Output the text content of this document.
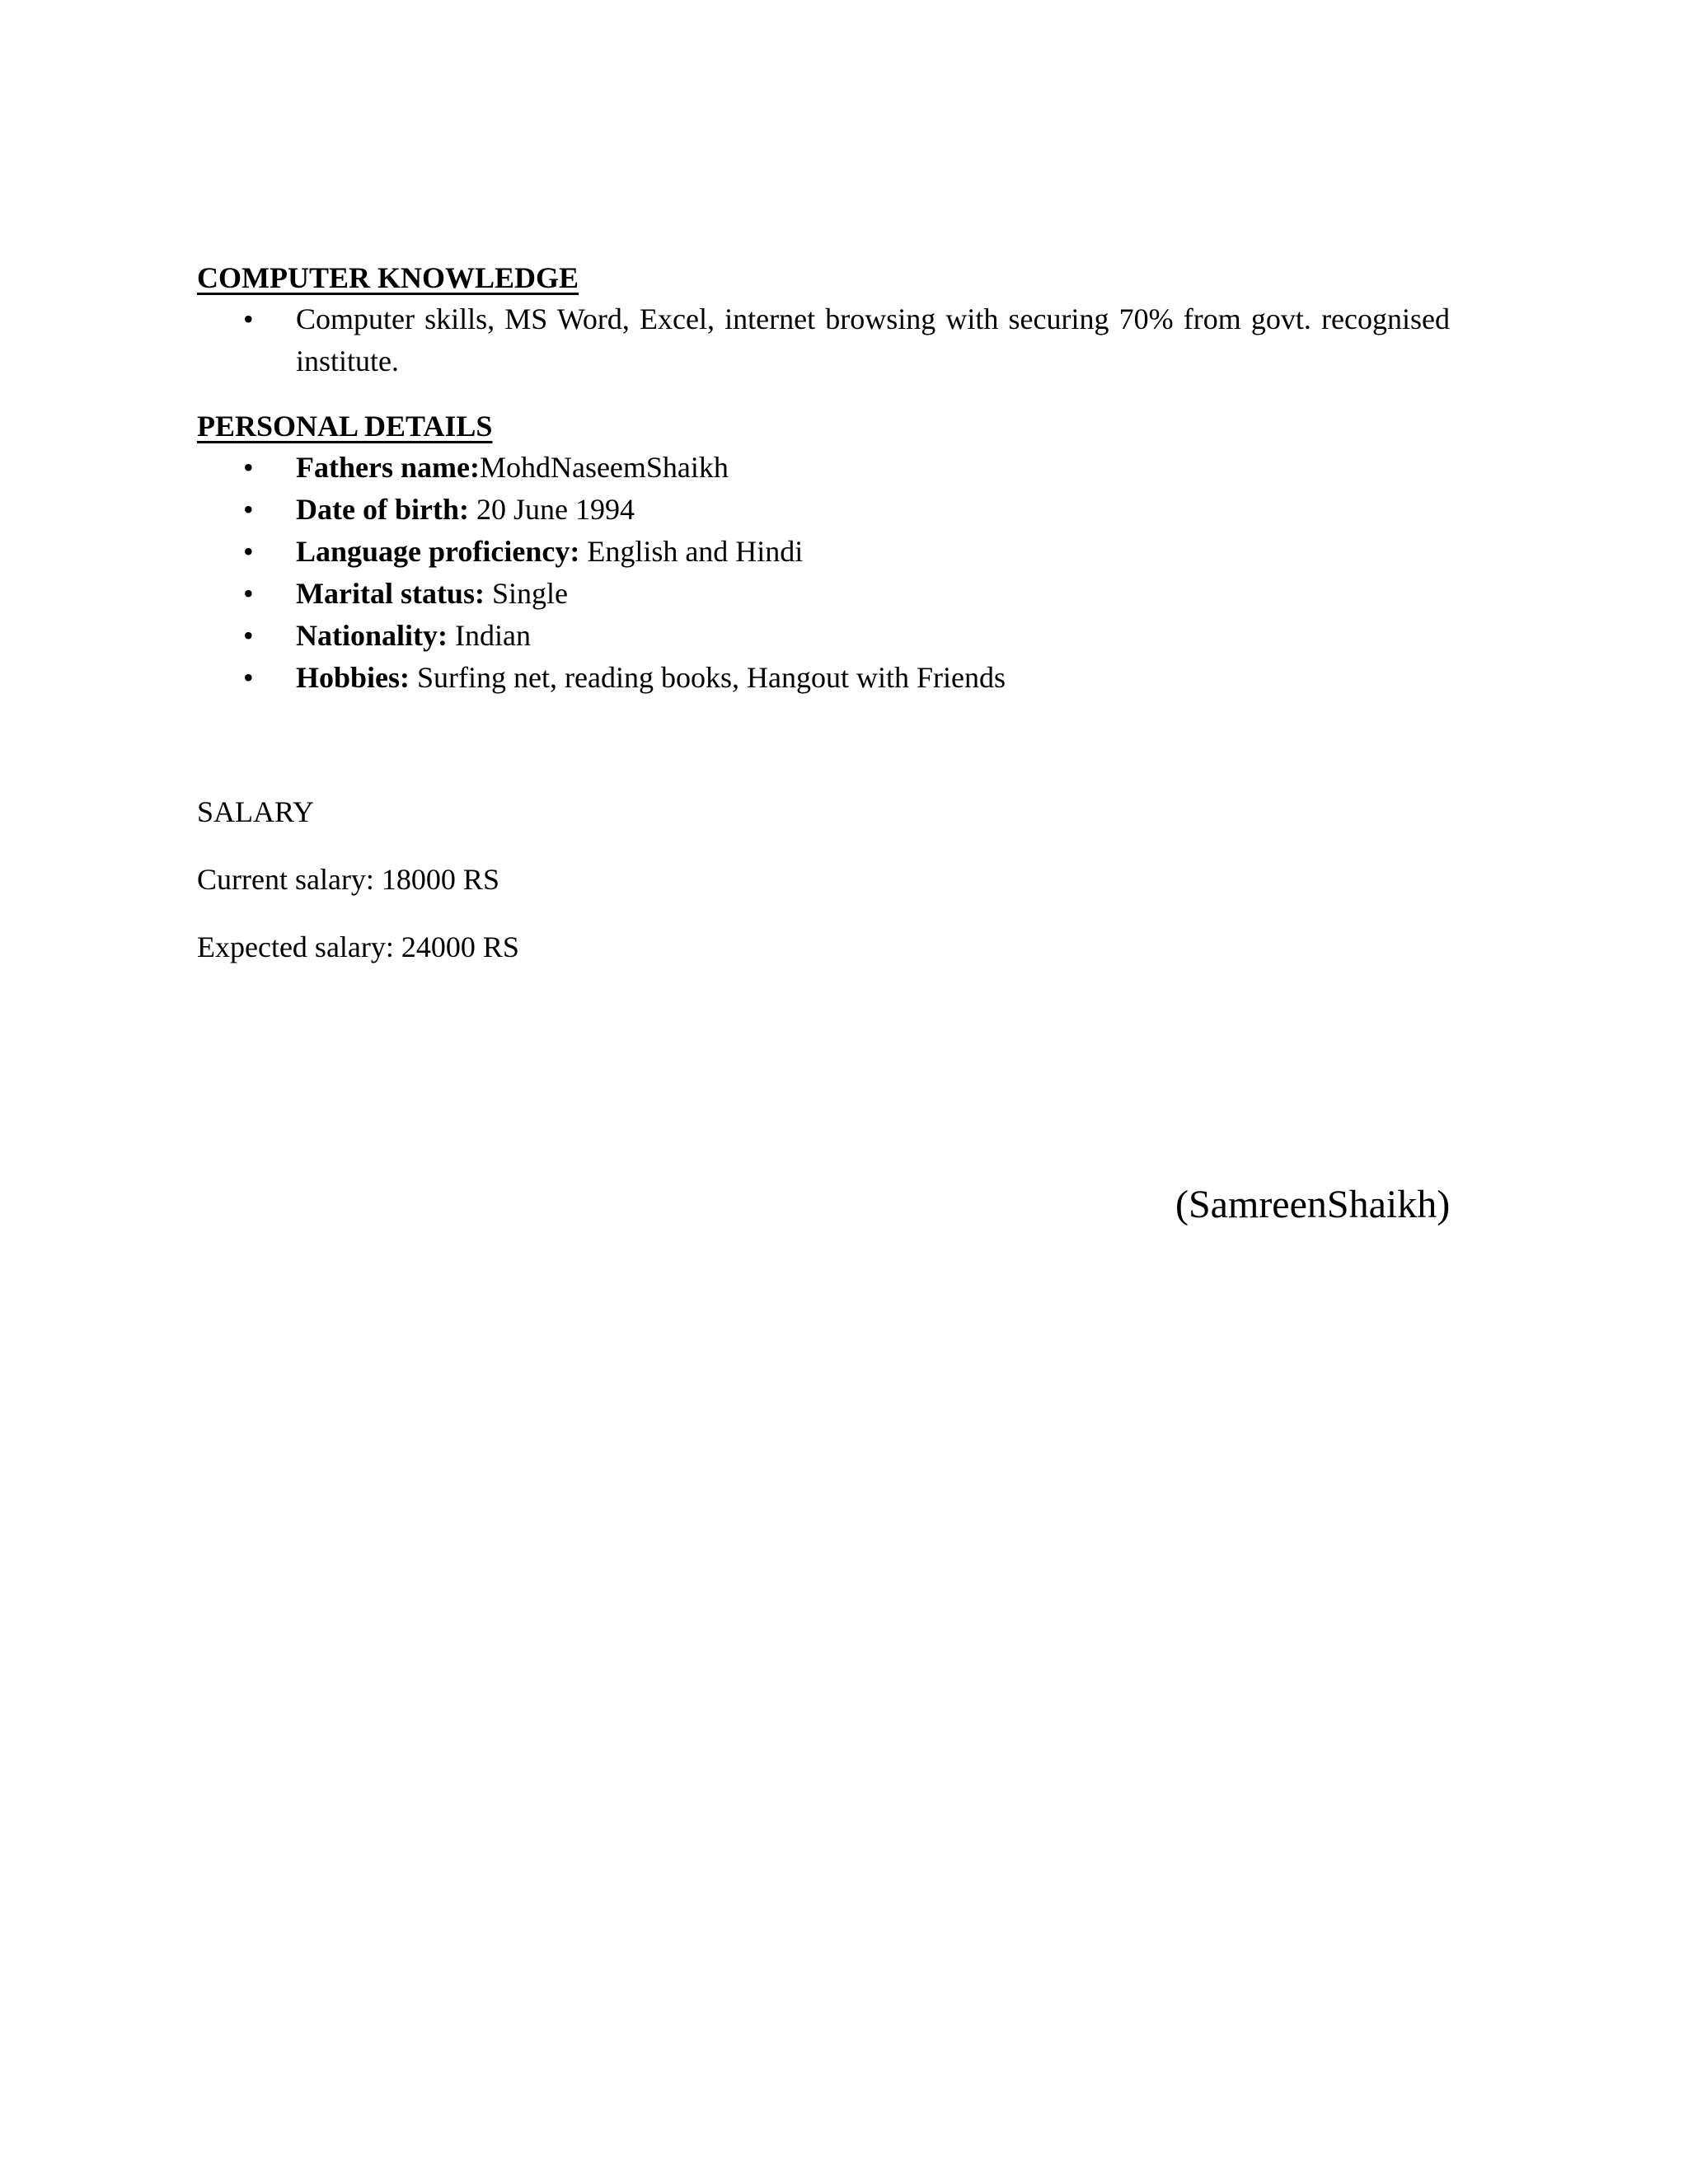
COMPUTER KNOWLEDGE
• Computer skills, MS Word, Excel, internet browsing with securing 70% from govt. recognised institute.
PERSONAL DETAILS
• Fathers name:MohdNaseemShaikh
• Date of birth: 20 June 1994
• Language proficiency: English and Hindi
• Marital status: Single
• Nationality: Indian
• Hobbies: Surfing net, reading books, Hangout with Friends
SALARY
Current salary: 18000 RS
Expected salary: 24000 RS
(SamreenShaikh)
